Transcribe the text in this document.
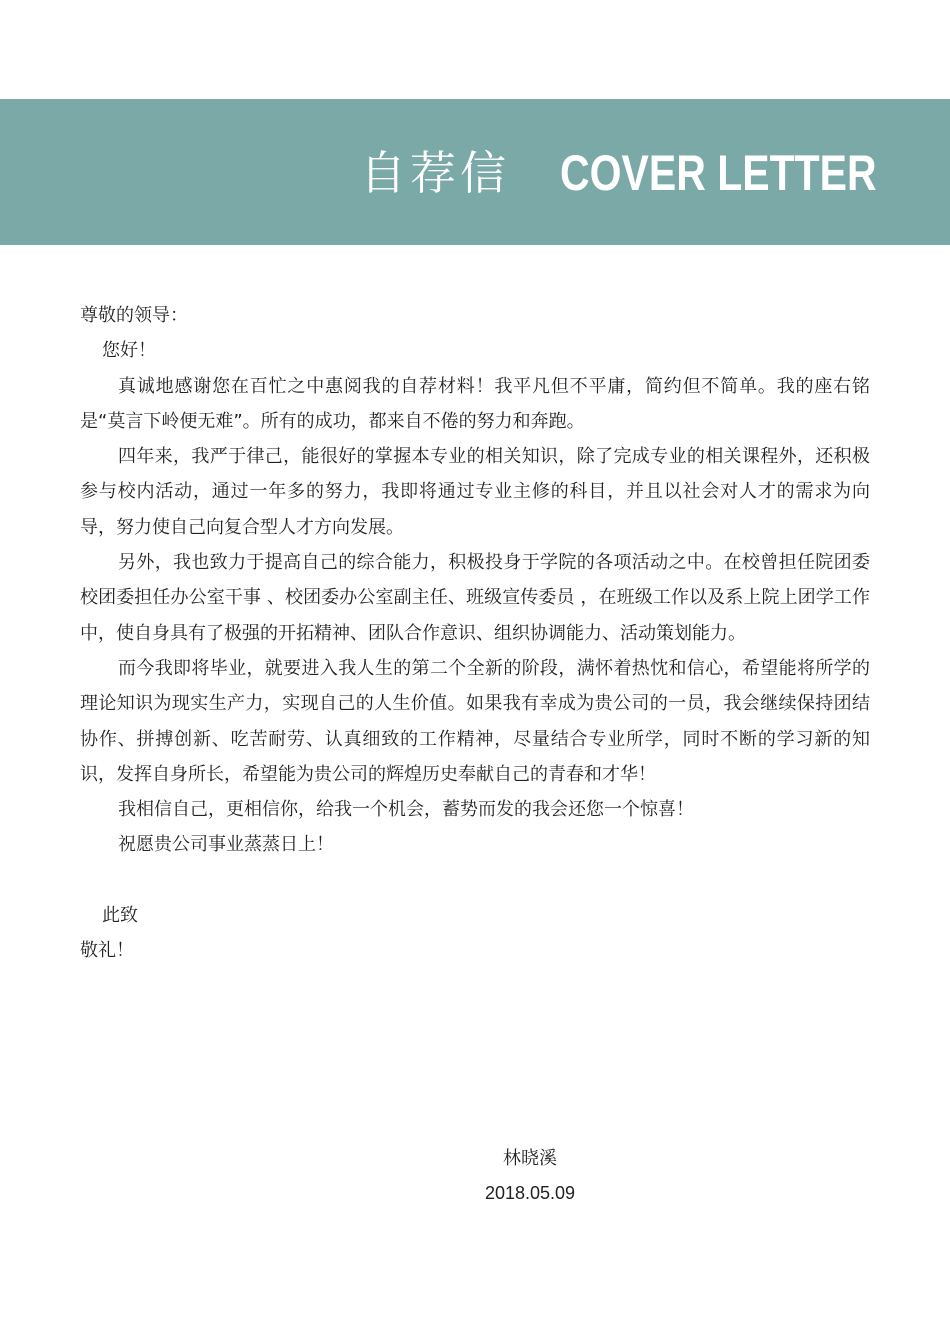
自荐信 COVER LETTER

尊敬的领导：

您好！

真诚地感谢您在百忙之中惠阅我的自荐材料！我平凡但不平庸，简约但不简单。我的座右铭是“莫言下岭便无难”。所有的成功，都来自不倦的努力和奔跑。

四年来，我严于律己，能很好的掌握本专业的相关知识，除了完成专业的相关课程外，还积极参与校内活动，通过一年多的努力，我即将通过专业主修的科目，并且以社会对人才的需求为向导，努力使自己向复合型人才方向发展。

另外，我也致力于提高自己的综合能力，积极投身于学院的各项活动之中。在校曾担任院团委校团委担任办公室干事 、校团委办公室副主任、班级宣传委员 ，在班级工作以及系上院上团学工作中，使自身具有了极强的开拓精神、团队合作意识、组织协调能力、活动策划能力。

而今我即将毕业，就要进入我人生的第二个全新的阶段，满怀着热忱和信心，希望能将所学的理论知识为现实生产力，实现自己的人生价值。如果我有幸成为贵公司的一员，我会继续保持团结协作、拼搏创新、吃苦耐劳、认真细致的工作精神，尽量结合专业所学，同时不断的学习新的知识，发挥自身所长，希望能为贵公司的辉煌历史奉献自己的青春和才华！

我相信自己，更相信你，给我一个机会，蓄势而发的我会还您一个惊喜！

祝愿贵公司事业蒸蒸日上！

此致

敬礼！

林晓溪
2018.05.09
